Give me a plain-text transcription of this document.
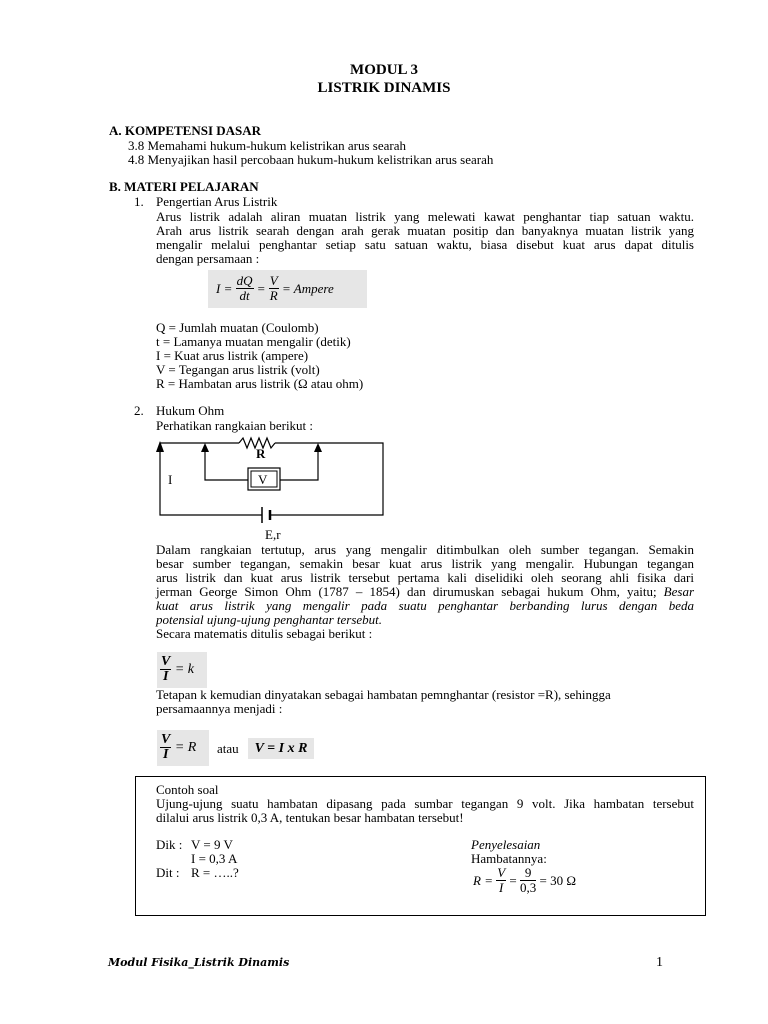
MODUL 3
LISTRIK DINAMIS
A. KOMPETENSI DASAR
3.8 Memahami hukum-hukum kelistrikan arus searah
4.8 Menyajikan hasil percobaan hukum-hukum kelistrikan arus searah
B. MATERI PELAJARAN
1. Pengertian Arus Listrik
Arus listrik adalah aliran muatan listrik yang melewati kawat penghantar tiap satuan waktu.
Arah arus listrik searah dengan arah gerak muatan positip dan banyaknya muatan listrik yang
mengalir melalui penghantar setiap satu satuan waktu, biasa disebut kuat arus dapat ditulis
dengan persamaan :
$I = \frac{dQ}{dt} = \frac{V}{R}$ = Ampere
Q = Jumlah muatan (Coulomb)
t = Lamanya muatan mengalir (detik)
I = Kuat arus listrik (ampere)
V = Tegangan arus listrik (volt)
R = Hambatan arus listrik (Ω atau ohm)
2. Hukum Ohm
Perhatikan rangkaian berikut :
R
V
I
E,r
Dalam rangkaian tertutup, arus yang mengalir ditimbulkan oleh sumber tegangan. Semakin
besar sumber tegangan, semakin besar kuat arus listrik yang mengalir. Hubungan tegangan
arus listrik dan kuat arus listrik tersebut pertama kali diselidiki oleh seorang ahli fisika dari
jerman George Simon Ohm (1787 – 1854) dan dirumuskan sebagai hukum Ohm, yaitu; Besar
kuat arus listrik yang mengalir pada suatu penghantar berbanding lurus dengan beda
potensial ujung-ujung penghantar tersebut.
Secara matematis ditulis sebagai berikut :
$\frac{V}{I} = k$
Tetapan k kemudian dinyatakan sebagai hambatan pemnghantar (resistor =R), sehingga
persamaannya menjadi :
$\frac{V}{I} = R$ atau	V = I x R
Contoh soal
Ujung-ujung suatu hambatan dipasang pada sumbar tegangan 9 volt. Jika hambatan tersebut
dilalui arus listrik 0,3 A, tentukan besar hambatan tersebut!
Dik : V = 9 V
I = 0,3 A
Dit : R = …..?
Penyelesaian
Hambatannya:
$R = \frac{V}{I} = \frac{9}{0,3} = 30$ Ω
Modul Fisika_Listrik Dinamis	1
